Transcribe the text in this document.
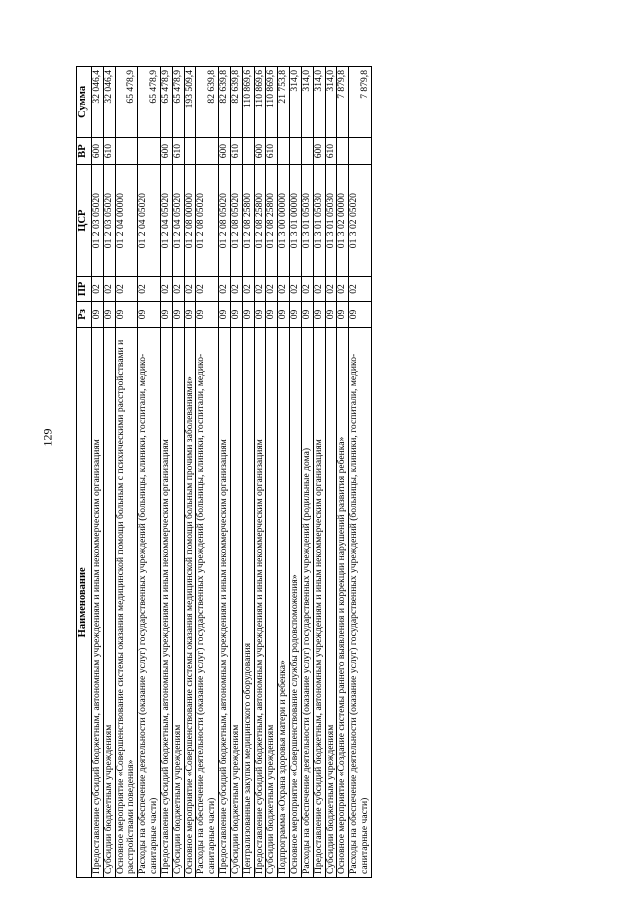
129
Наименование	Рз	ПР	ЦСР	ВР	Сумма
Предоставление субсидий бюджетным, автономным учреждениям и иным некоммерческим организациям	09	02	01 2 03 05020	600	32 046,4
Субсидии бюджетным учреждениям	09	02	01 2 03 05020	610	32 046,4
Основное мероприятие «Совершенствование системы оказания медицинской помощи больным с психическими расстройствами и расстройствами поведения»	09	02	01 2 04 00000		65 478,9
Расходы на обеспечение деятельности (оказание услуг) государственных учреждений (больницы, клиники, госпитали, медико-санитарные части)	09	02	01 2 04 05020		65 478,9
Предоставление субсидий бюджетным, автономным учреждениям и иным некоммерческим организациям	09	02	01 2 04 05020	600	65 478,9
Субсидии бюджетным учреждениям	09	02	01 2 04 05020	610	65 478,9
Основное мероприятие «Совершенствование системы оказания медицинской помощи больным прочими заболеваниями»	09	02	01 2 08 00000		193 509,4
Расходы на обеспечение деятельности (оказание услуг) государственных учреждений (больницы, клиники, госпитали, медико-санитарные части)	09	02	01 2 08 05020		82 639,8
Предоставление субсидий бюджетным, автономным учреждениям и иным некоммерческим организациям	09	02	01 2 08 05020	600	82 639,8
Субсидии бюджетным учреждениям	09	02	01 2 08 05020	610	82 639,8
Централизованные закупки медицинского оборудования	09	02	01 2 08 25800		110 869,6
Предоставление субсидий бюджетным, автономным учреждениям и иным некоммерческим организациям	09	02	01 2 08 25800	600	110 869,6
Субсидии бюджетным учреждениям	09	02	01 2 08 25800	610	110 869,6
Подпрограмма «Охрана здоровья матери и ребенка»	09	02	01 3 00 00000		21 753,8
Основное мероприятие «Совершенствование службы родовспоможения»	09	02	01 3 01 00000		314,0
Расходы на обеспечение деятельности (оказание услуг) государственных учреждений (родильные дома)	09	02	01 3 01 05030		314,0
Предоставление субсидий бюджетным, автономным учреждениям и иным некоммерческим организациям	09	02	01 3 01 05030	600	314,0
Субсидии бюджетным учреждениям	09	02	01 3 01 05030	610	314,0
Основное мероприятие «Создание системы раннего выявления и коррекции нарушений развития ребенка»	09	02	01 3 02 00000		7 879,8
Расходы на обеспечение деятельности (оказание услуг) государственных учреждений (больницы, клиники, госпитали, медико-санитарные части)	09	02	01 3 02 05020		7 879,8
